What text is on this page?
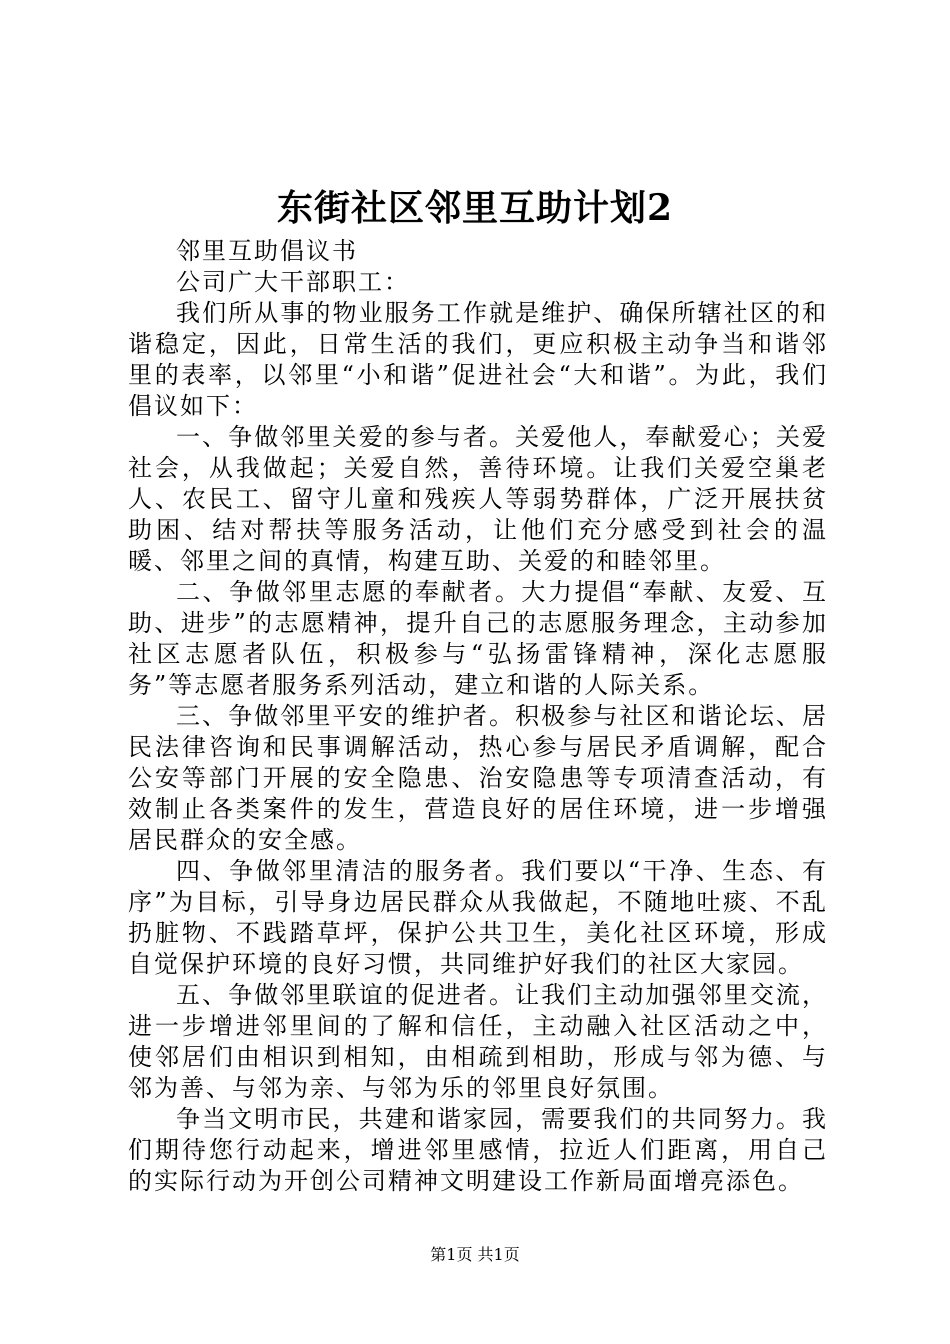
东街社区邻里互助计划2

邻里互助倡议书

公司广大干部职工：

我们所从事的物业服务工作就是维护、确保所辖社区的和谐稳定，因此，日常生活的我们，更应积极主动争当和谐邻里的表率，以邻里“小和谐”促进社会“大和谐”。为此，我们倡议如下：

一、争做邻里关爱的参与者。关爱他人，奉献爱心；关爱社会，从我做起；关爱自然，善待环境。让我们关爱空巢老人、农民工、留守儿童和残疾人等弱势群体，广泛开展扶贫助困、结对帮扶等服务活动，让他们充分感受到社会的温暖、邻里之间的真情，构建互助、关爱的和睦邻里。

二、争做邻里志愿的奉献者。大力提倡“奉献、友爱、互助、进步”的志愿精神，提升自己的志愿服务理念，主动参加社区志愿者队伍，积极参与“弘扬雷锋精神，深化志愿服务”等志愿者服务系列活动，建立和谐的人际关系。

三、争做邻里平安的维护者。积极参与社区和谐论坛、居民法律咨询和民事调解活动，热心参与居民矛盾调解，配合公安等部门开展的安全隐患、治安隐患等专项清查活动，有效制止各类案件的发生，营造良好的居住环境，进一步增强居民群众的安全感。

四、争做邻里清洁的服务者。我们要以“干净、生态、有序”为目标，引导身边居民群众从我做起，不随地吐痰、不乱扔脏物、不践踏草坪，保护公共卫生，美化社区环境，形成自觉保护环境的良好习惯，共同维护好我们的社区大家园。

五、争做邻里联谊的促进者。让我们主动加强邻里交流，进一步增进邻里间的了解和信任，主动融入社区活动之中，使邻居们由相识到相知，由相疏到相助，形成与邻为德、与邻为善、与邻为亲、与邻为乐的邻里良好氛围。

争当文明市民，共建和谐家园，需要我们的共同努力。我们期待您行动起来，增进邻里感情，拉近人们距离，用自己的实际行动为开创公司精神文明建设工作新局面增亮添色。

第1页 共1页
